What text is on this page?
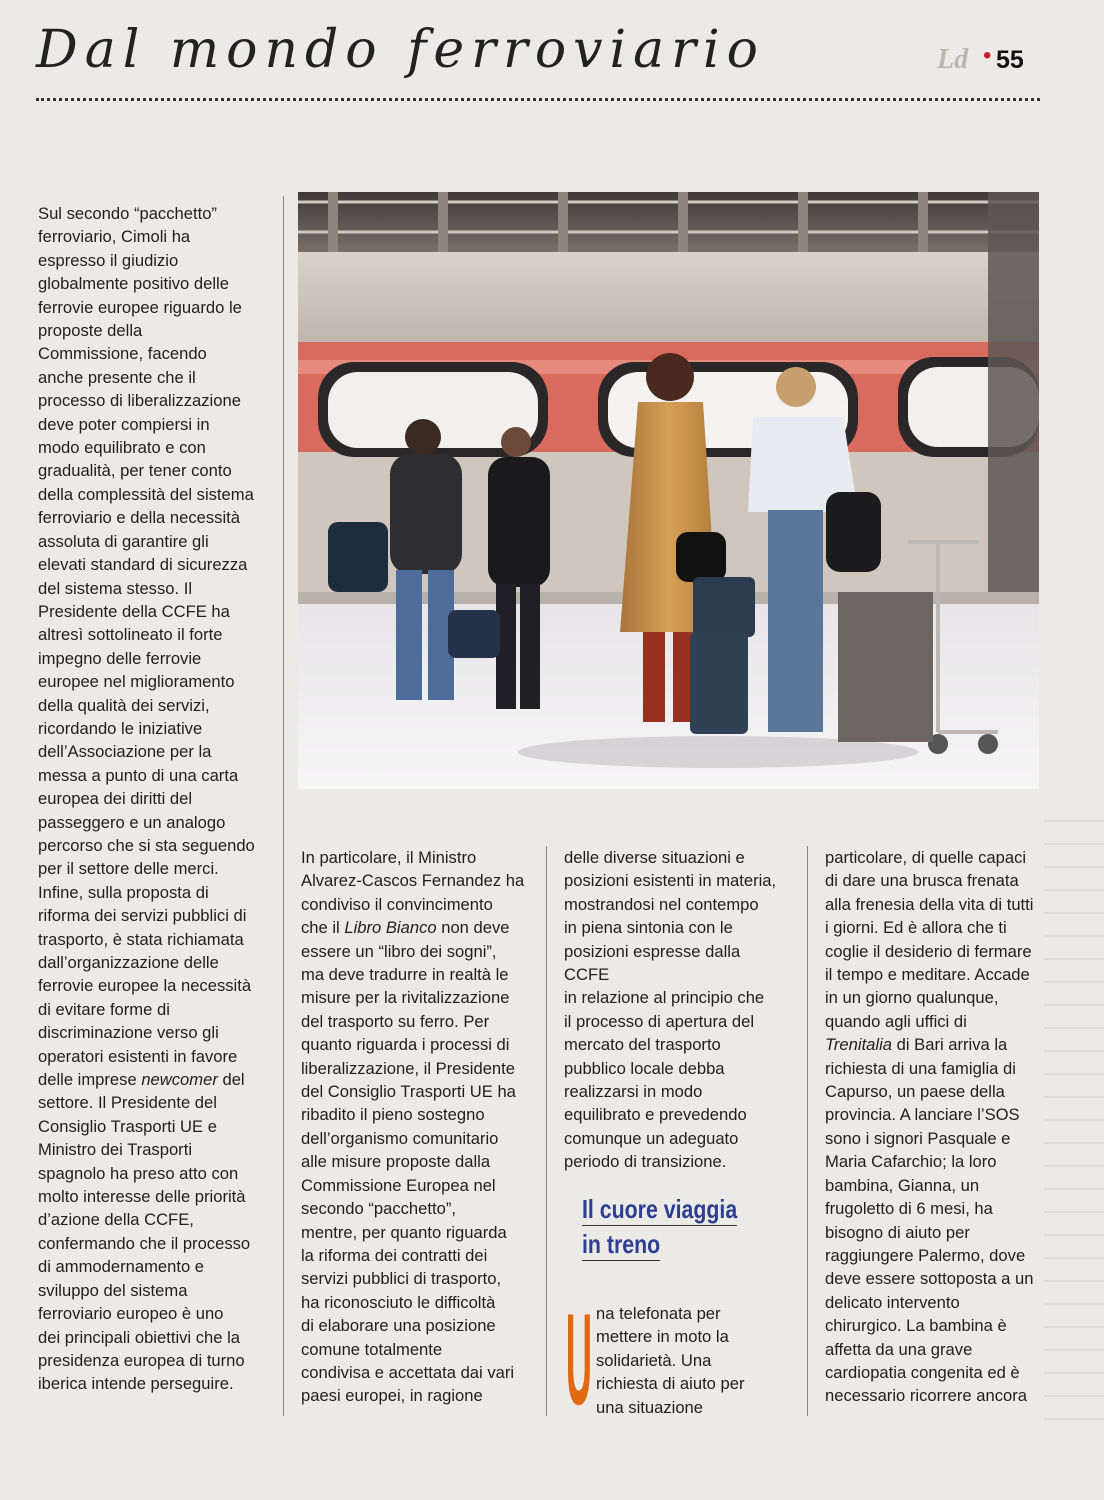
Dal mondo ferroviario	Ld • 55

Sul secondo “pacchetto”
ferroviario, Cimoli ha
espresso il giudizio
globalmente positivo delle
ferrovie europee riguardo le
proposte della
Commissione, facendo
anche presente che il
processo di liberalizzazione
deve poter compiersi in
modo equilibrato e con
gradualità, per tener conto
della complessità del sistema
ferroviario e della necessità
assoluta di garantire gli
elevati standard di sicurezza
del sistema stesso. Il
Presidente della CCFE ha
altresì sottolineato il forte
impegno delle ferrovie
europee nel miglioramento
della qualità dei servizi,
ricordando le iniziative
dell’Associazione per la
messa a punto di una carta
europea dei diritti del
passeggero e un analogo
percorso che si sta seguendo
per il settore delle merci.
Infine, sulla proposta di
riforma dei servizi pubblici di
trasporto, è stata richiamata
dall’organizzazione delle
ferrovie europee la necessità
di evitare forme di
discriminazione verso gli
operatori esistenti in favore
delle imprese newcomer del
settore. Il Presidente del
Consiglio Trasporti UE e
Ministro dei Trasporti
spagnolo ha preso atto con
molto interesse delle priorità
d’azione della CCFE,
confermando che il processo
di ammodernamento e
sviluppo del sistema
ferroviario europeo è uno
dei principali obiettivi che la
presidenza europea di turno
iberica intende perseguire.

In particolare, il Ministro
Alvarez-Cascos Fernandez ha
condiviso il convincimento
che il Libro Bianco non deve
essere un “libro dei sogni”,
ma deve tradurre in realtà le
misure per la rivitalizzazione
del trasporto su ferro. Per
quanto riguarda i processi di
liberalizzazione, il Presidente
del Consiglio Trasporti UE ha
ribadito il pieno sostegno
dell’organismo comunitario
alle misure proposte dalla
Commissione Europea nel
secondo “pacchetto”,
mentre, per quanto riguarda
la riforma dei contratti dei
servizi pubblici di trasporto,
ha riconosciuto le difficoltà
di elaborare una posizione
comune totalmente
condivisa e accettata dai vari
paesi europei, in ragione

delle diverse situazioni e
posizioni esistenti in materia,
mostrandosi nel contempo
in piena sintonia con le
posizioni espresse dalla CCFE
in relazione al principio che
il processo di apertura del
mercato del trasporto
pubblico locale debba
realizzarsi in modo
equilibrato e prevedendo
comunque un adeguato
periodo di transizione.

Il cuore viaggia
in treno
U na telefonata per
mettere in moto la
solidarietà. Una
richiesta di aiuto per
una situazione

particolare, di quelle capaci
di dare una brusca frenata
alla frenesia della vita di tutti
i giorni. Ed è allora che ti
coglie il desiderio di fermare
il tempo e meditare. Accade
in un giorno qualunque,
quando agli uffici di
Trenitalia di Bari arriva la
richiesta di una famiglia di
Capurso, un paese della
provincia. A lanciare l’SOS
sono i signori Pasquale e
Maria Cafarchio; la loro
bambina, Gianna, un
frugoletto di 6 mesi, ha
bisogno di aiuto per
raggiungere Palermo, dove
deve essere sottoposta a un
delicato intervento
chirurgico. La bambina è
affetta da una grave
cardiopatia congenita ed è
necessario ricorrere ancora
